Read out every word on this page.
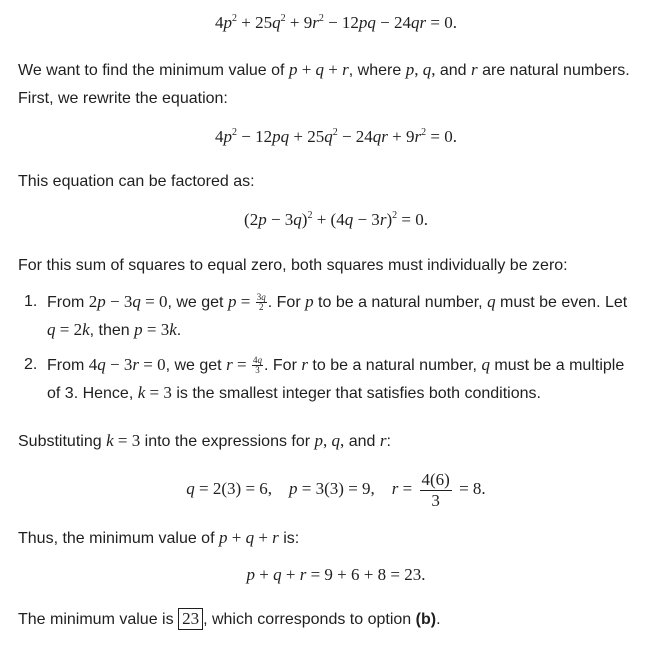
$4p^2 + 25q^2 + 9r^2 - 12pq - 24qr = 0$.
We want to find the minimum value of p + q + r, where p, q, and r are natural numbers.
First, we rewrite the equation:
$4p^2 - 12pq + 25q^2 - 24qr + 9r^2 = 0$.
This equation can be factored as:
$(2p - 3q)^2 + (4q - 3r)^2 = 0$.
For this sum of squares to equal zero, both squares must individually be zero:
1. From 2p − 3q = 0, we get $p = \frac{3q}{2}$ . For p to be a natural number, q must be even. Let
q = 2k, then p = 3k.
2. From 4q − 3r = 0, we get $r = \frac{4q}{3}$ . For r to be a natural number, q must be a multiple
of 3. Hence, k = 3 is the smallest integer that satisfies both conditions.
Substituting k = 3 into the expressions for p, q, and r:
q = 2(3) = 6,    p = 3(3) = 9,    $r = \frac{4(6)}{3} = 8$.
Thus, the minimum value of p + q + r is:
p + q + r = 9 + 6 + 8 = 23.
The minimum value is 23 , which corresponds to option (b).
